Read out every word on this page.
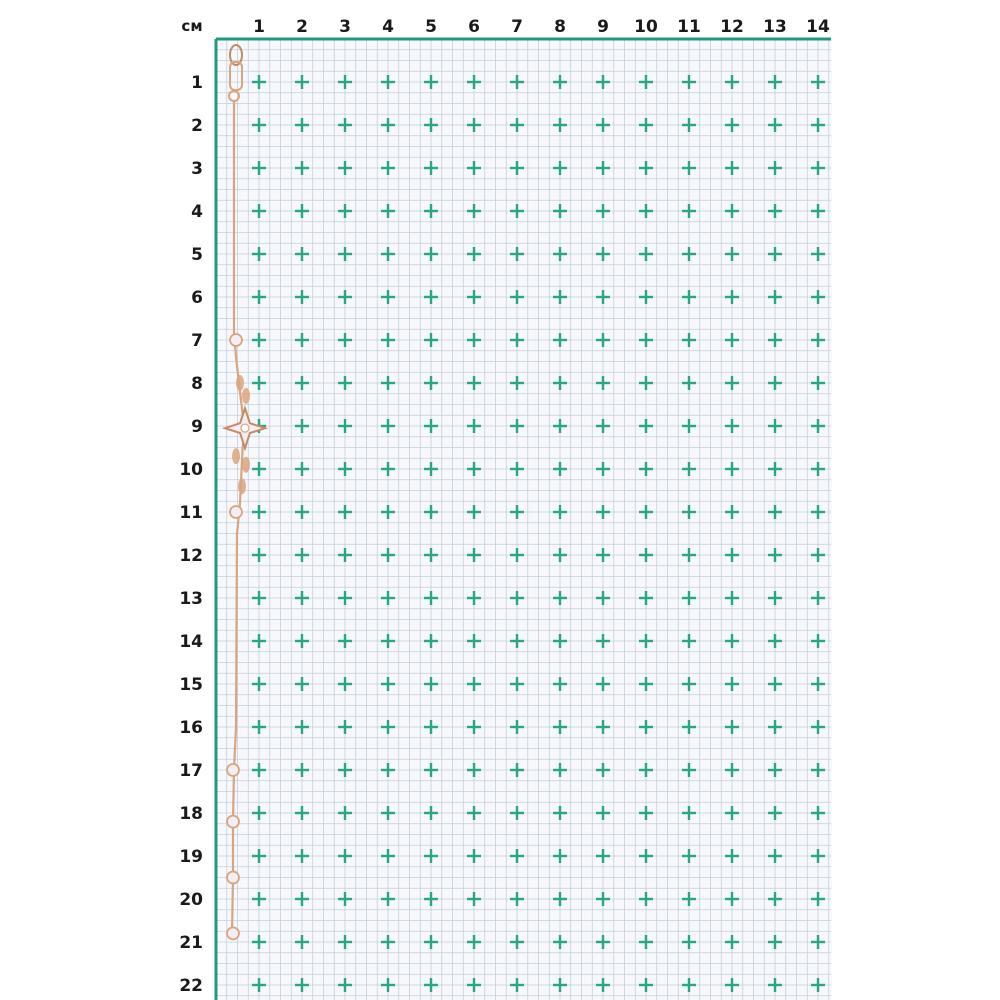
см	1 2 3 4 5 6 7 8 9 10 11 12 13 14
1
2
3
4
5
6
7
8
9
10
11
12
13
14
15
16
17
18
19
20
21
22
